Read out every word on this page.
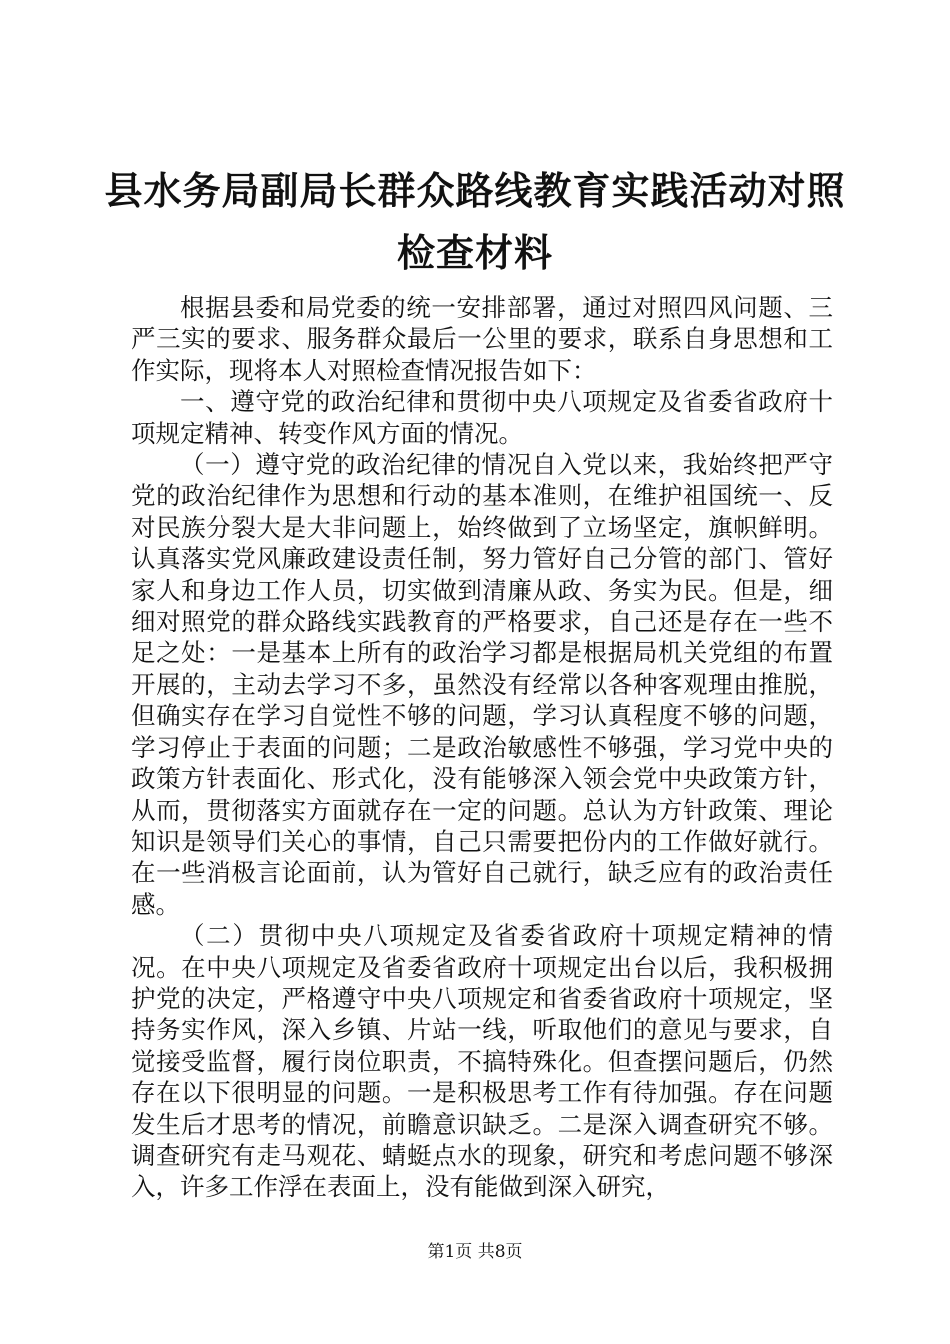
县水务局副局长群众路线教育实践活动对照检查材料

根据县委和局党委的统一安排部署，通过对照四风问题、三严三实的要求、服务群众最后一公里的要求，联系自身思想和工作实际，现将本人对照检查情况报告如下：

一、遵守党的政治纪律和贯彻中央八项规定及省委省政府十项规定精神、转变作风方面的情况。

（一）遵守党的政治纪律的情况自入党以来，我始终把严守党的政治纪律作为思想和行动的基本准则，在维护祖国统一、反对民族分裂大是大非问题上，始终做到了立场坚定，旗帜鲜明。认真落实党风廉政建设责任制，努力管好自己分管的部门、管好家人和身边工作人员，切实做到清廉从政、务实为民。但是，细细对照党的群众路线实践教育的严格要求，自己还是存在一些不足之处：一是基本上所有的政治学习都是根据局机关党组的布置开展的，主动去学习不多，虽然没有经常以各种客观理由推脱，但确实存在学习自觉性不够的问题，学习认真程度不够的问题，学习停止于表面的问题；二是政治敏感性不够强，学习党中央的政策方针表面化、形式化，没有能够深入领会党中央政策方针，从而，贯彻落实方面就存在一定的问题。总认为方针政策、理论知识是领导们关心的事情，自己只需要把份内的工作做好就行。在一些消极言论面前，认为管好自己就行，缺乏应有的政治责任感。

（二）贯彻中央八项规定及省委省政府十项规定精神的情况。在中央八项规定及省委省政府十项规定出台以后，我积极拥护党的决定，严格遵守中央八项规定和省委省政府十项规定，坚持务实作风，深入乡镇、片站一线，听取他们的意见与要求，自觉接受监督，履行岗位职责，不搞特殊化。但查摆问题后，仍然存在以下很明显的问题。一是积极思考工作有待加强。存在问题发生后才思考的情况，前瞻意识缺乏。二是深入调查研究不够。调查研究有走马观花、蜻蜓点水的现象，研究和考虑问题不够深入，许多工作浮在表面上，没有能做到深入研究，

第1页 共8页
